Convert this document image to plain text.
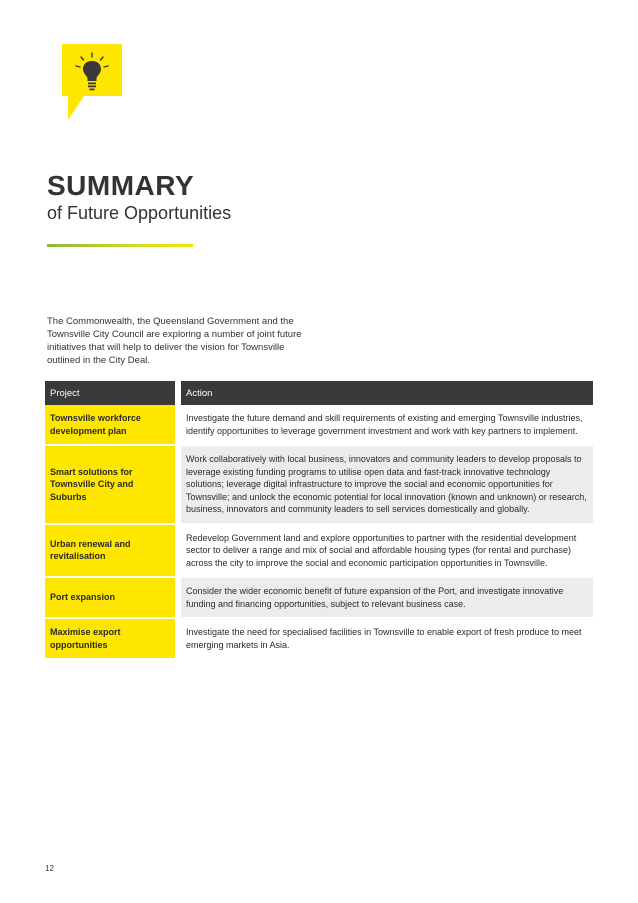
SUMMARY
of Future Opportunities

The Commonwealth, the Queensland Government and the Townsville City Council are exploring a number of joint future initiatives that will help to deliver the vision for Townsville outlined in the City Deal.

Project	Action
Townsville workforce development plan	Investigate the future demand and skill requirements of existing and emerging Townsville industries, identify opportunities to leverage government investment and work with key partners to implement.
Smart solutions for Townsville City and Suburbs	Work collaboratively with local business, innovators and community leaders to develop proposals to leverage existing funding programs to utilise open data and fast-track innovative technology solutions; leverage digital infrastructure to improve the social and economic opportunities for Townsville; and unlock the economic potential for local innovation (known and unknown) or research, business, innovators and community leaders to sell services domestically and globally.
Urban renewal and revitalisation	Redevelop Government land and explore opportunities to partner with the residential development sector to deliver a range and mix of social and affordable housing types (for rental and purchase) across the city to improve the social and economic participation opportunities in Townsville.
Port expansion	Consider the wider economic benefit of future expansion of the Port, and investigate innovative funding and financing opportunities, subject to relevant business case.
Maximise export opportunities	Investigate the need for specialised facilities in Townsville to enable export of fresh produce to meet emerging markets in Asia.
12
